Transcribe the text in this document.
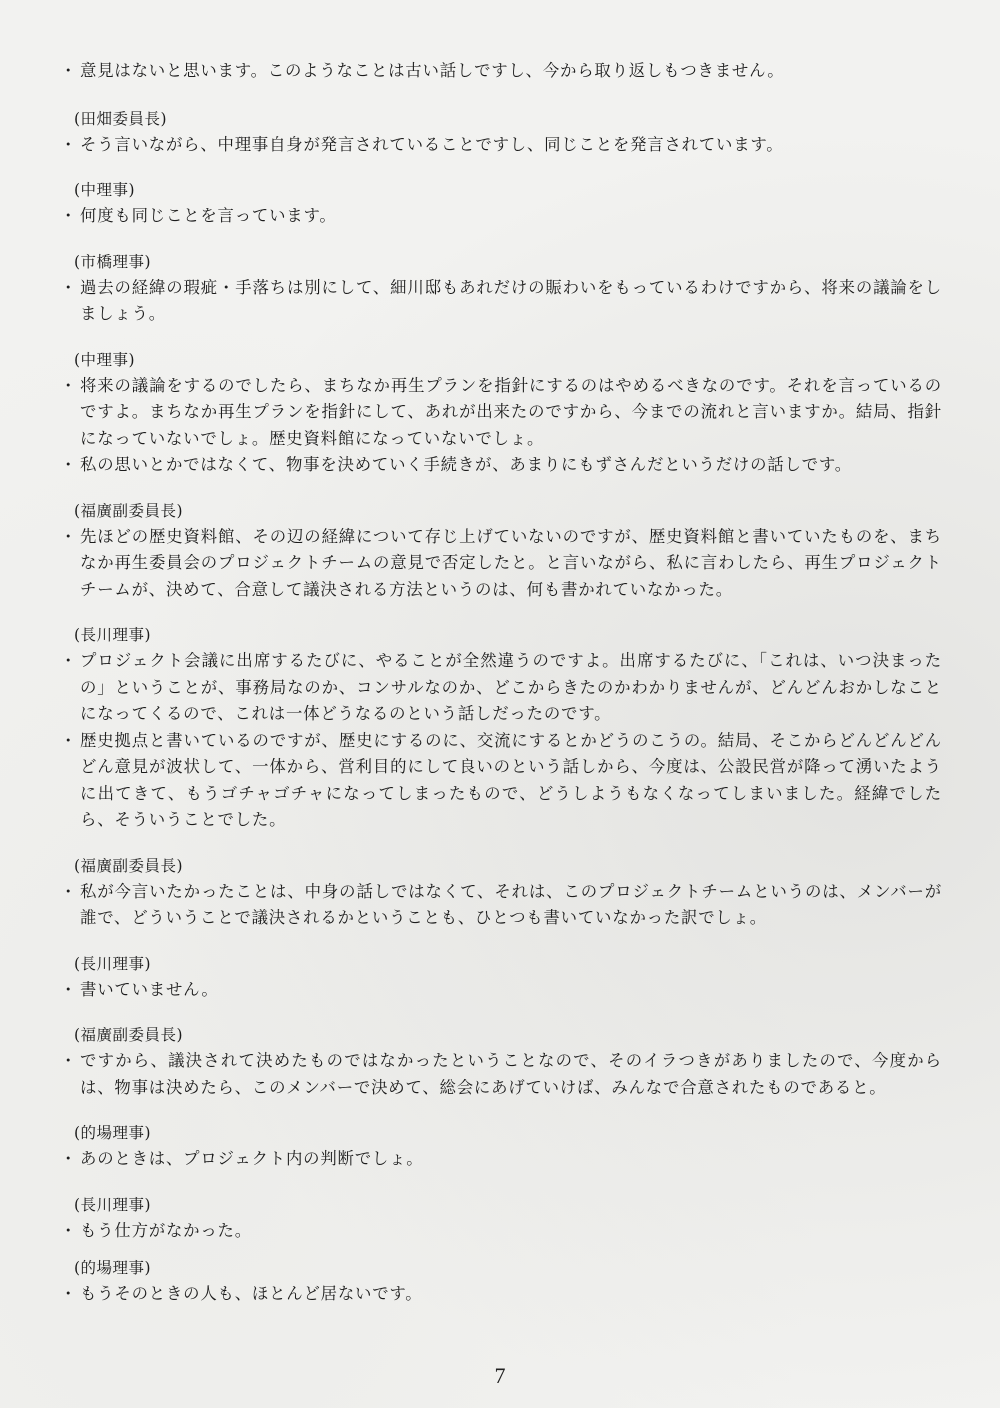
・ 意見はないと思います。このようなことは古い話しですし、今から取り返しもつきません。

(田畑委員長)

・ そう言いながら、中理事自身が発言されていることですし、同じことを発言されています。

(中理事)

・ 何度も同じことを言っています。

(市橋理事)

・ 過去の経緯の瑕疵・手落ちは別にして、細川邸もあれだけの賑わいをもっているわけですから、将来の議論をしましょう。

(中理事)

・ 将来の議論をするのでしたら、まちなか再生プランを指針にするのはやめるべきなのです。それを言っているのですよ。まちなか再生プランを指針にして、あれが出来たのですから、今までの流れと言いますか。結局、指針になっていないでしょ。歴史資料館になっていないでしょ。

・ 私の思いとかではなくて、物事を決めていく手続きが、あまりにもずさんだというだけの話しです。

(福廣副委員長)

・ 先ほどの歴史資料館、その辺の経緯について存じ上げていないのですが、歴史資料館と書いていたものを、まちなか再生委員会のプロジェクトチームの意見で否定したと。と言いながら、私に言わしたら、再生プロジェクトチームが、決めて、合意して議決される方法というのは、何も書かれていなかった。

(長川理事)

・ プロジェクト会議に出席するたびに、やることが全然違うのですよ。出席するたびに、「これは、いつ決まったの」ということが、事務局なのか、コンサルなのか、どこからきたのかわかりませんが、どんどんおかしなことになってくるので、これは一体どうなるのという話しだったのです。

・ 歴史拠点と書いているのですが、歴史にするのに、交流にするとかどうのこうの。結局、そこからどんどんどんどん意見が波状して、一体から、営利目的にして良いのという話しから、今度は、公設民営が降って湧いたように出てきて、もうゴチャゴチャになってしまったもので、どうしようもなくなってしまいました。経緯でしたら、そういうことでした。

(福廣副委員長)

・ 私が今言いたかったことは、中身の話しではなくて、それは、このプロジェクトチームというのは、メンバーが誰で、どういうことで議決されるかということも、ひとつも書いていなかった訳でしょ。

(長川理事)

・ 書いていません。

(福廣副委員長)

・ ですから、議決されて決めたものではなかったということなので、そのイラつきがありましたので、今度からは、物事は決めたら、このメンバーで決めて、総会にあげていけば、みんなで合意されたものであると。

(的場理事)

・ あのときは、プロジェクト内の判断でしょ。

(長川理事)

・ もう仕方がなかった。

(的場理事)

・ もうそのときの人も、ほとんど居ないです。

7
